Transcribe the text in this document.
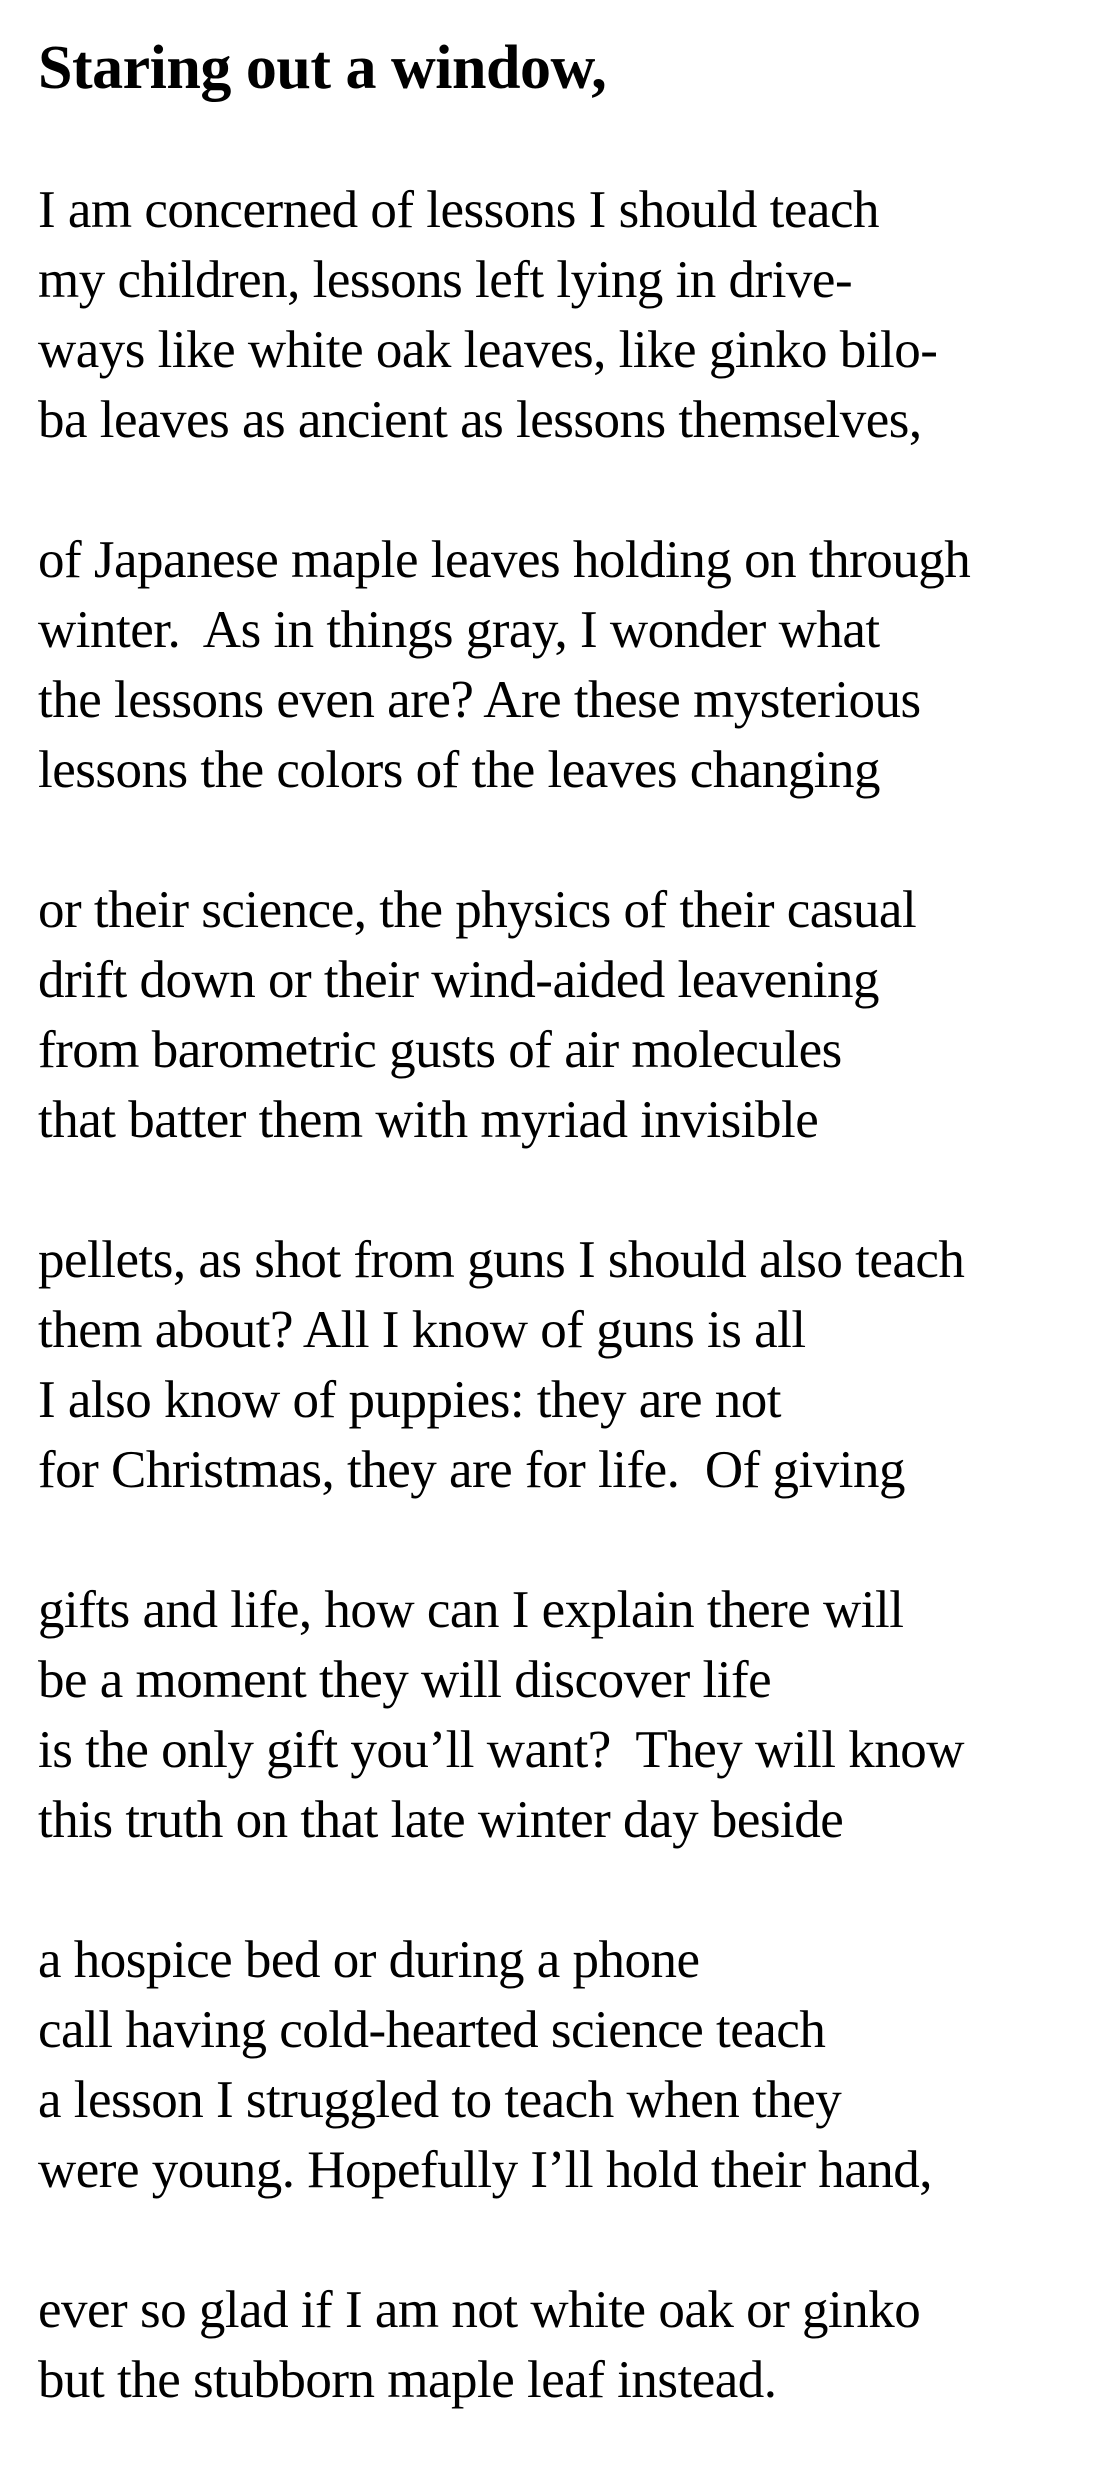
Staring out a window,
I am concerned of lessons I should teach
my children, lessons left lying in drive-
ways like white oak leaves, like ginko bilo-
ba leaves as ancient as lessons themselves,
of Japanese maple leaves holding on through
winter.  As in things gray, I wonder what
the lessons even are? Are these mysterious
lessons the colors of the leaves changing
or their science, the physics of their casual
drift down or their wind-aided leavening
from barometric gusts of air molecules
that batter them with myriad invisible
pellets, as shot from guns I should also teach
them about? All I know of guns is all
I also know of puppies: they are not
for Christmas, they are for life.  Of giving
gifts and life, how can I explain there will
be a moment they will discover life
is the only gift you’ll want?  They will know
this truth on that late winter day beside
a hospice bed or during a phone
call having cold-hearted science teach
a lesson I struggled to teach when they
were young. Hopefully I’ll hold their hand,
ever so glad if I am not white oak or ginko
but the stubborn maple leaf instead.
